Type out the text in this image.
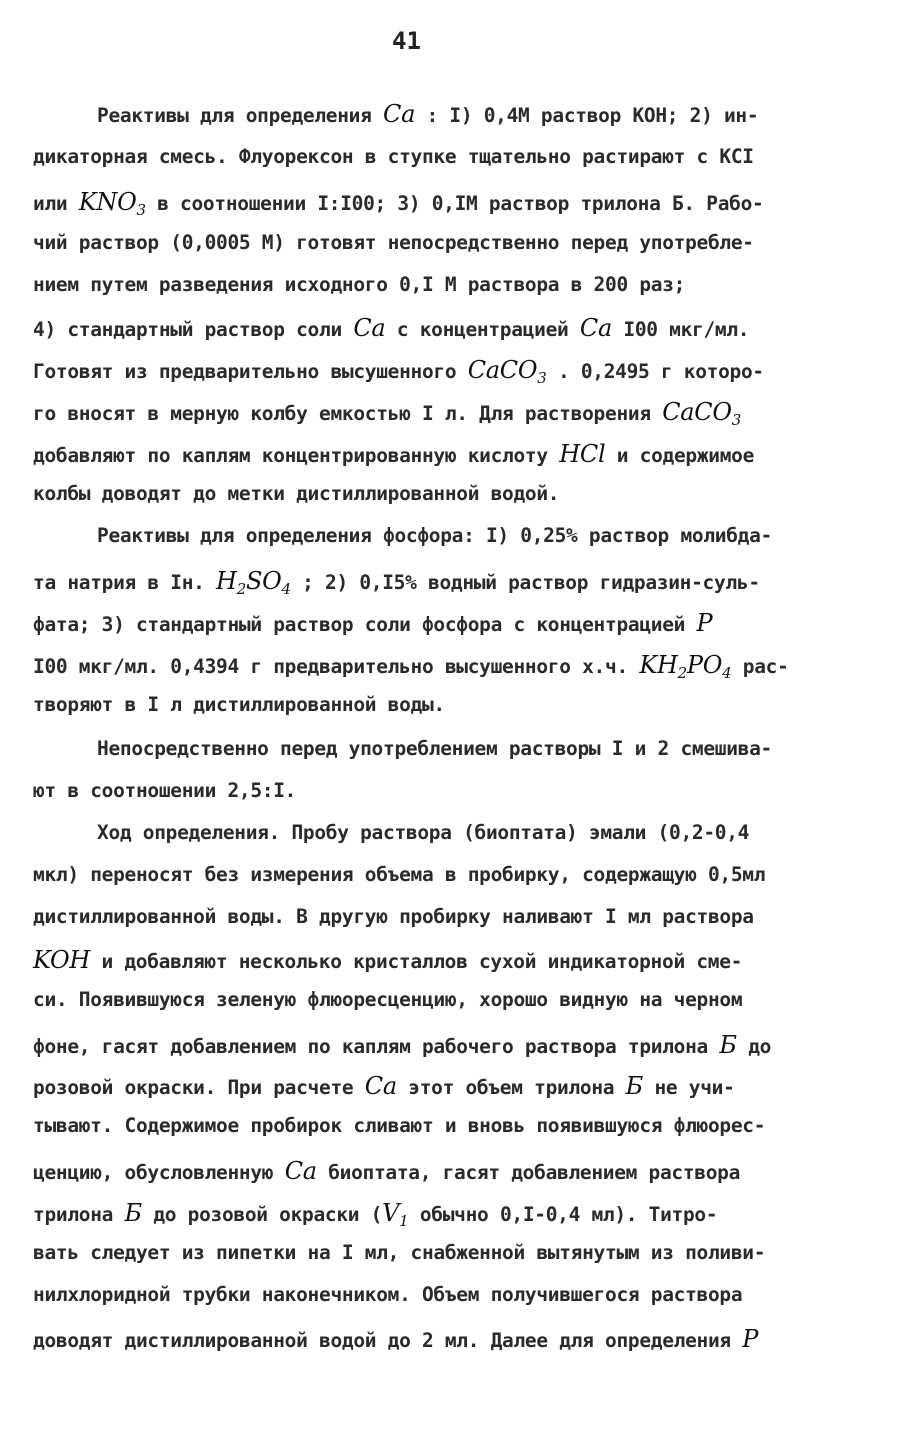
41
Реактивы для определения Ca : I) 0,4М раствор КОН; 2) ин-
дикаторная смесь. Флуорексон в ступке тщательно растирают с КСI
или $KNO_3$ в соотношении I:I00; 3) 0,IМ раствор трилона Б. Рабо-
чий раствор (0,0005 М) готовят непосредственно перед употребле-
нием путем разведения исходного 0,I М раствора в 200 раз;
4) стандартный раствор соли Ca с концентрацией Ca I00 мкг/мл.
Готовят из предварительно высушенного CaCO$_3$ . 0,2495 г которо-
го вносят в мерную колбу емкостью I л. Для растворения CaCO$_3$
добавляют по каплям концентрированную кислоту HCl и содержимое
колбы доводят до метки дистиллированной водой.
Реактивы для определения фосфора: I) 0,25% раствор молибда-
та натрия в Iн. $H_2SO_4$ ; 2) 0,I5% водный раствор гидразин-суль-
фата; 3) стандартный раствор соли фосфора с концентрацией P
I00 мкг/мл. 0,4394 г предварительно высушенного х.ч. $KH_2PO_4$ рас-
творяют в I л дистиллированной воды.
Непосредственно перед употреблением растворы I и 2 смешива-
ют в соотношении 2,5:I.
Ход определения. Пробу раствора (биоптата) эмали (0,2-0,4
мкл) переносят без измерения объема в пробирку, содержащую 0,5мл
дистиллированной воды. В другую пробирку наливают I мл раствора
KOH и добавляют несколько кристаллов сухой индикаторной сме-
си. Появившуюся зеленую флюоресценцию, хорошо видную на черном
фоне, гасят добавлением по каплям рабочего раствора трилона Б до
розовой окраски. При расчете Ca этот объем трилона Б не учи-
тывают. Содержимое пробирок сливают и вновь появившуюся флюорес-
ценцию, обусловленную Ca биоптата, гасят добавлением раствора
трилона Б до розовой окраски ($V_1$ обычно 0,I-0,4 мл). Титро-
вать следует из пипетки на I мл, снабженной вытянутым из поливи-
нилхлоридной трубки наконечником. Объем получившегося раствора
доводят дистиллированной водой до 2 мл. Далее для определения P
